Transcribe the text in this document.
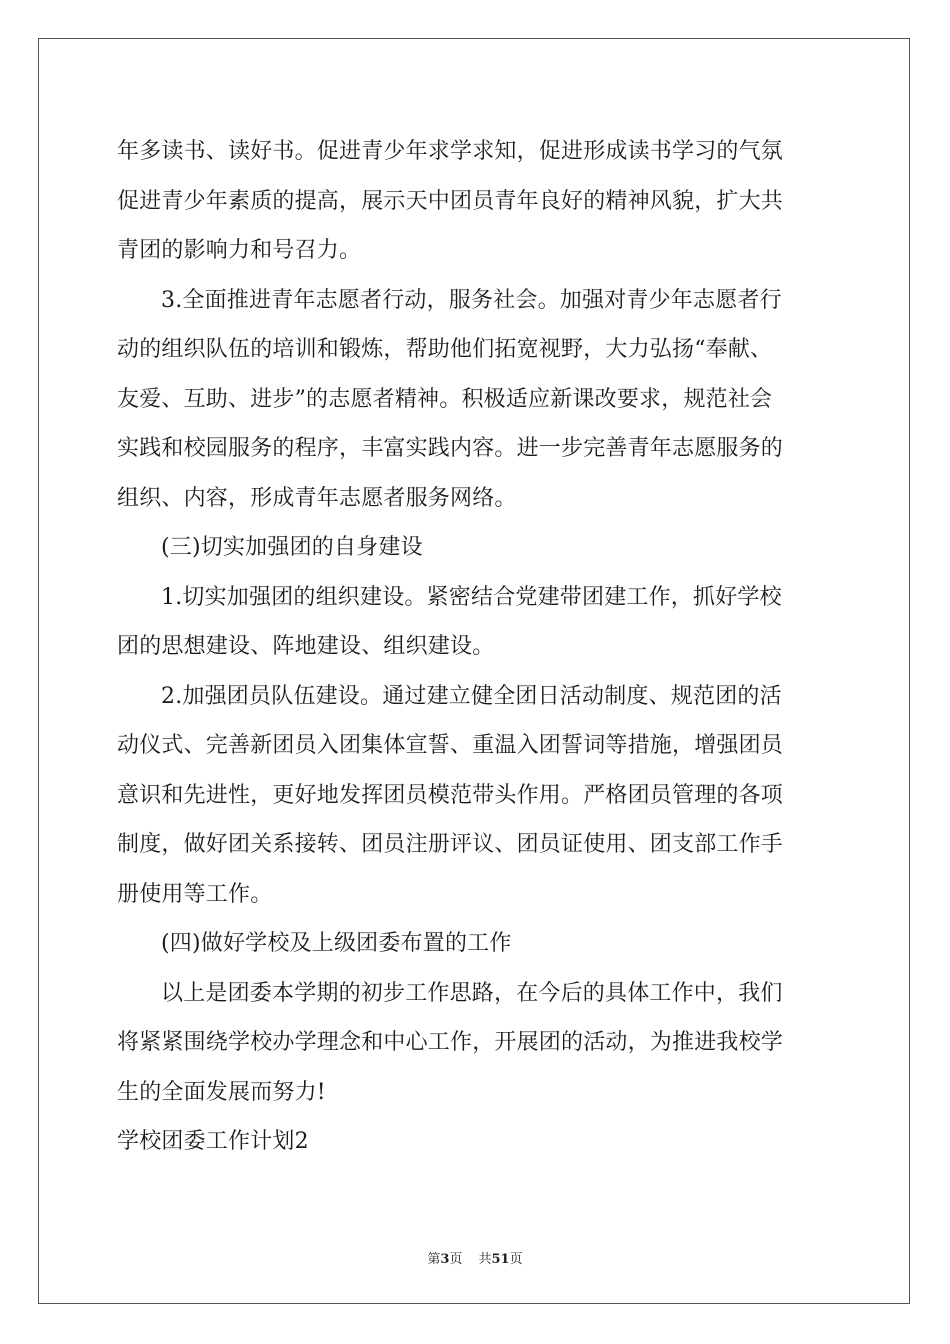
年多读书、读好书。促进青少年求学求知，促进形成读书学习的气氛
促进青少年素质的提高，展示天中团员青年良好的精神风貌，扩大共
青团的影响力和号召力。
3.全面推进青年志愿者行动，服务社会。加强对青少年志愿者行
动的组织队伍的培训和锻炼，帮助他们拓宽视野，大力弘扬“奉献、
友爱、互助、进步”的志愿者精神。积极适应新课改要求，规范社会
实践和校园服务的程序，丰富实践内容。进一步完善青年志愿服务的
组织、内容，形成青年志愿者服务网络。
(三)切实加强团的自身建设
1.切实加强团的组织建设。紧密结合党建带团建工作，抓好学校
团的思想建设、阵地建设、组织建设。
2.加强团员队伍建设。通过建立健全团日活动制度、规范团的活
动仪式、完善新团员入团集体宣誓、重温入团誓词等措施，增强团员
意识和先进性，更好地发挥团员模范带头作用。严格团员管理的各项
制度，做好团关系接转、团员注册评议、团员证使用、团支部工作手
册使用等工作。
(四)做好学校及上级团委布置的工作
以上是团委本学期的初步工作思路，在今后的具体工作中，我们
将紧紧围绕学校办学理念和中心工作，开展团的活动，为推进我校学
生的全面发展而努力!
学校团委工作计划2
第3页 共51页
